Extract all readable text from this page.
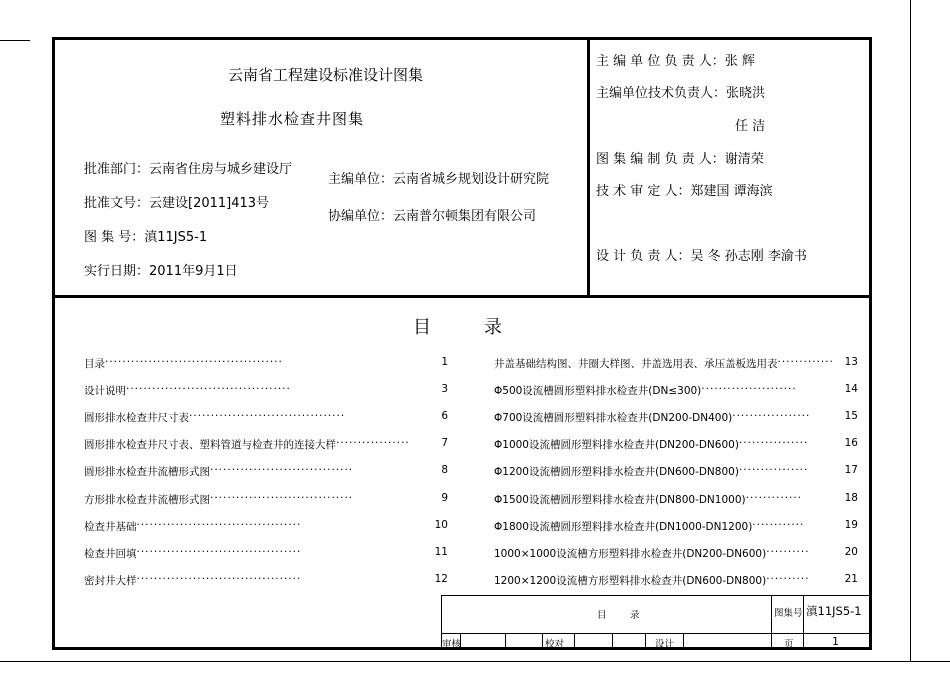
云南省工程建设标准设计图集
塑料排水检查井图集
批准部门：云南省住房与城乡建设厅
批准文号：云建设[2011]413号
图 集 号：滇11JS5-1
实行日期：2011年9月1日
主编单位：云南省城乡规划设计研究院
协编单位：云南普尔顿集团有限公司
主 编 单 位 负 责 人：张 辉
主编单位技术负责人：张晓洪
任 洁
图 集 编 制 负 责 人：谢清荣
技 术 审 定 人：郑建国 谭海滨
设 计 负 责 人：吴 冬 孙志刚 李渝书
目	录
目录 ·········································	1
设计说明 ······································	3
圆形排水检查井尺寸表 ····································	6
圆形排水检查井尺寸表、塑料管道与检查井的连接大样 ·················	7
圆形排水检查井流槽形式图 ·································	8
方形排水检查井流槽形式图 ·································	9
检查井基础 ······································	10
检查井回填 ······································	11
密封井大样 ······································	12
井盖基础结构图、井圈大样图、井盖选用表、承压盖板选用表 ·············	13
Φ500设流槽圆形塑料排水检查井(DN≤300) ······················	14
Φ700设流槽圆形塑料排水检查井(DN200-DN400) ··················	15
Φ1000设流槽圆形塑料排水检查井(DN200-DN600) ················	16
Φ1200设流槽圆形塑料排水检查井(DN600-DN800) ················	17
Φ1500设流槽圆形塑料排水检查井(DN800-DN1000) ·············	18
Φ1800设流槽圆形塑料排水检查井(DN1000-DN1200) ············	19
1000×1000设流槽方形塑料排水检查井(DN200-DN600) ··········	20
1200×1200设流槽方形塑料排水检查井(DN600-DN800) ··········	21
目 录	图集号 滇11JS5-1
审核	校对	设计	页	1
